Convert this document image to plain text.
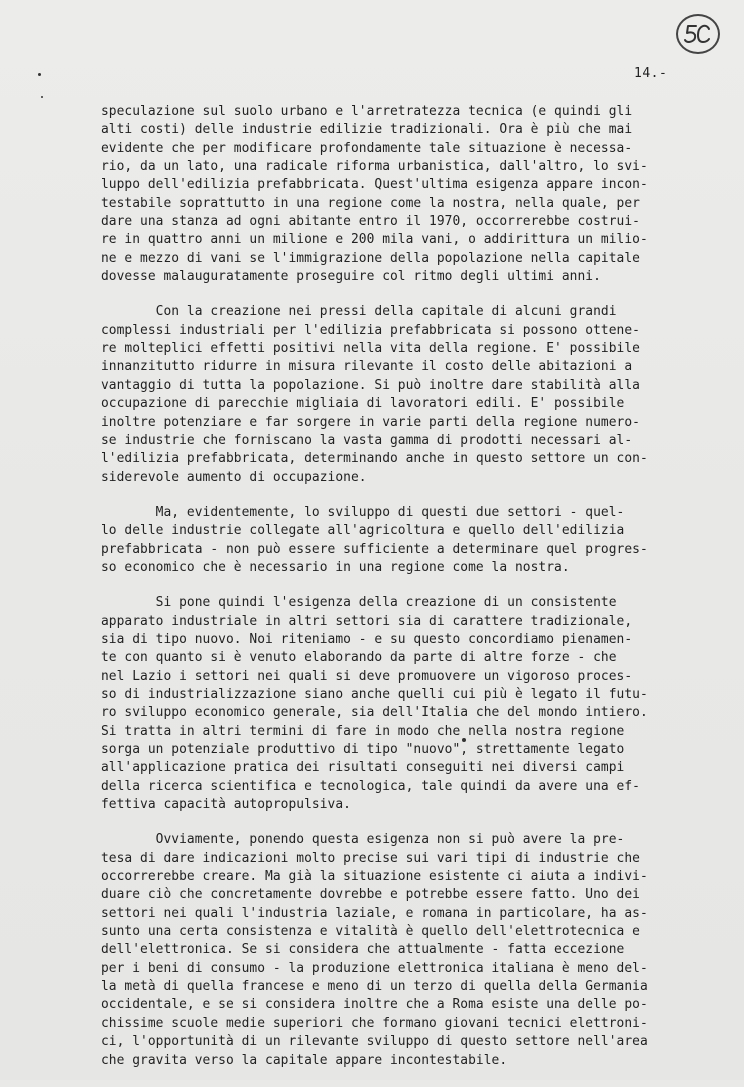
14.-
speculazione sul suolo urbano e l'arretratezza tecnica (e quindi gli
alti costi) delle industrie edilizie tradizionali. Ora è più che mai
evidente che per modificare profondamente tale situazione è necessa-
rio, da un lato, una radicale riforma urbanistica, dall'altro, lo svi-
luppo dell'edilizia prefabbricata. Quest'ultima esigenza appare incon-
testabile soprattutto in una regione come la nostra, nella quale, per
dare una stanza ad ogni abitante entro il 1970, occorrerebbe costrui-
re in quattro anni un milione e 200 mila vani, o addirittura un milio-
ne e mezzo di vani se l'immigrazione della popolazione nella capitale
dovesse malauguratamente proseguire col ritmo degli ultimi anni.
Con la creazione nei pressi della capitale di alcuni grandi
complessi industriali per l'edilizia prefabbricata si possono ottene-
re molteplici effetti positivi nella vita della regione. E' possibile
innanzitutto ridurre in misura rilevante il costo delle abitazioni a
vantaggio di tutta la popolazione. Si può inoltre dare stabilità alla
occupazione di parecchie migliaia di lavoratori edili. E' possibile
inoltre potenziare e far sorgere in varie parti della regione numero-
se industrie che forniscano la vasta gamma di prodotti necessari al-
l'edilizia prefabbricata, determinando anche in questo settore un con-
siderevole aumento di occupazione.
Ma, evidentemente, lo sviluppo di questi due settori - quel-
lo delle industrie collegate all'agricoltura e quello dell'edilizia
prefabbricata - non può essere sufficiente a determinare quel progres-
so economico che è necessario in una regione come la nostra.
Si pone quindi l'esigenza della creazione di un consistente
apparato industriale in altri settori sia di carattere tradizionale,
sia di tipo nuovo. Noi riteniamo - e su questo concordiamo pienamen-
te con quanto si è venuto elaborando da parte di altre forze - che
nel Lazio i settori nei quali si deve promuovere un vigoroso proces-
so di industrializzazione siano anche quelli cui più è legato il futu-
ro sviluppo economico generale, sia dell'Italia che del mondo intiero.
Si tratta in altri termini di fare in modo che nella nostra regione
sorga un potenziale produttivo di tipo "nuovo", strettamente legato
all'applicazione pratica dei risultati conseguiti nei diversi campi
della ricerca scientifica e tecnologica, tale quindi da avere una ef-
fettiva capacità autopropulsiva.
Ovviamente, ponendo questa esigenza non si può avere la pre-
tesa di dare indicazioni molto precise sui vari tipi di industrie che
occorrerebbe creare. Ma già la situazione esistente ci aiuta a indivi-
duare ciò che concretamente dovrebbe e potrebbe essere fatto. Uno dei
settori nei quali l'industria laziale, e romana in particolare, ha as-
sunto una certa consistenza e vitalità è quello dell'elettrotecnica e
dell'elettronica. Se si considera che attualmente - fatta eccezione
per i beni di consumo - la produzione elettronica italiana è meno del-
la metà di quella francese e meno di un terzo di quella della Germania
occidentale, e se si considera inoltre che a Roma esiste una delle po-
chissime scuole medie superiori che formano giovani tecnici elettroni-
ci, l'opportunità di un rilevante sviluppo di questo settore nell'area
che gravita verso la capitale appare incontestabile.
